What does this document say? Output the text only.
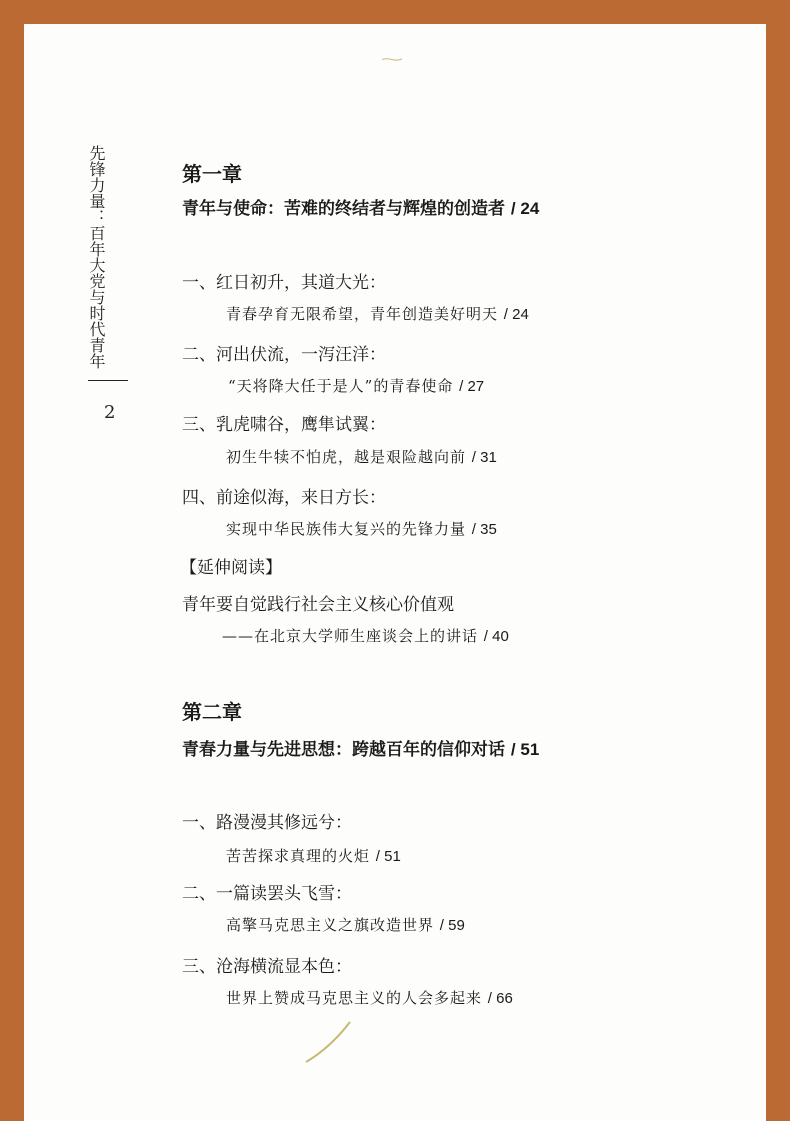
先锋力量：百年大党与时代青年
2
第一章
青年与使命：苦难的终结者与辉煌的创造者 / 24
一、红日初升，其道大光：
青春孕育无限希望，青年创造美好明天 / 24
二、河出伏流，一泻汪洋：
“天将降大任于是人”的青春使命 / 27
三、乳虎啸谷，鹰隼试翼：
初生牛犊不怕虎，越是艰险越向前 / 31
四、前途似海，来日方长：
实现中华民族伟大复兴的先锋力量 / 35
【延伸阅读】
青年要自觉践行社会主义核心价值观
——在北京大学师生座谈会上的讲话 / 40
第二章
青春力量与先进思想：跨越百年的信仰对话 / 51
一、路漫漫其修远兮：
苦苦探求真理的火炬 / 51
二、一篇读罢头飞雪：
高擎马克思主义之旗改造世界 / 59
三、沧海横流显本色：
世界上赞成马克思主义的人会多起来 / 66
